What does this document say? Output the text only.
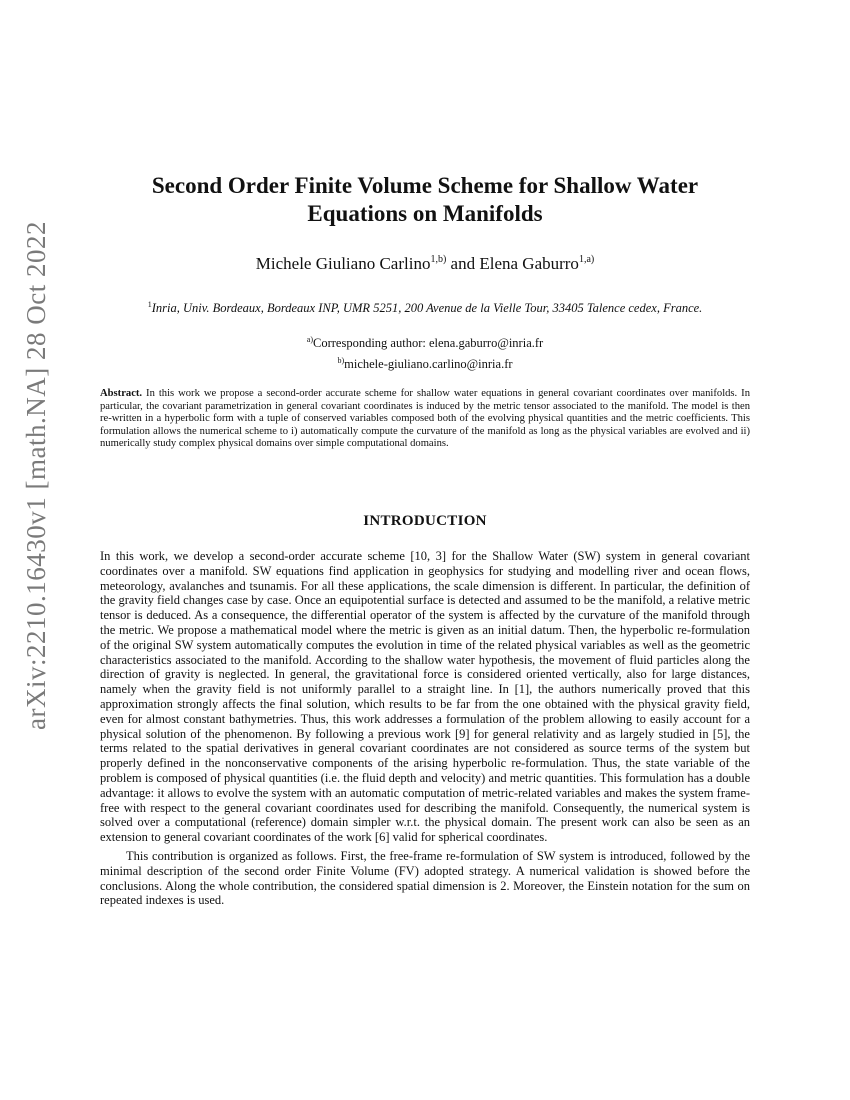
arXiv:2210.16430v1 [math.NA] 28 Oct 2022
Second Order Finite Volume Scheme for Shallow Water Equations on Manifolds
Michele Giuliano Carlino$^{1,b)}$ and Elena Gaburro$^{1,a)}$
$^1$Inria, Univ. Bordeaux, Bordeaux INP, UMR 5251, 200 Avenue de la Vielle Tour, 33405 Talence cedex, France.
$^{a)}$Corresponding author: elena.gaburro@inria.fr
$^{b)}$michele-giuliano.carlino@inria.fr
Abstract. In this work we propose a second-order accurate scheme for shallow water equations in general covariant coordinates over manifolds. In particular, the covariant parametrization in general covariant coordinates is induced by the metric tensor associated to the manifold. The model is then re-written in a hyperbolic form with a tuple of conserved variables composed both of the evolving physical quantities and the metric coefficients. This formulation allows the numerical scheme to i) automatically compute the curvature of the manifold as long as the physical variables are evolved and ii) numerically study complex physical domains over simple computational domains.
INTRODUCTION

In this work, we develop a second-order accurate scheme [10, 3] for the Shallow Water (SW) system in general covariant coordinates over a manifold. SW equations find application in geophysics for studying and modelling river and ocean flows, meteorology, avalanches and tsunamis. For all these applications, the scale dimension is different. In particular, the definition of the gravity field changes case by case. Once an equipotential surface is detected and assumed to be the manifold, a relative metric tensor is deduced. As a consequence, the differential operator of the system is affected by the curvature of the manifold through the metric. We propose a mathematical model where the metric is given as an initial datum. Then, the hyperbolic re-formulation of the original SW system automatically computes the evolution in time of the related physical variables as well as the geometric characteristics associated to the manifold. According to the shallow water hypothesis, the movement of fluid particles along the direction of gravity is neglected. In general, the gravitational force is considered oriented vertically, also for large distances, namely when the gravity field is not uniformly parallel to a straight line. In [1], the authors numerically proved that this approximation strongly affects the final solution, which results to be far from the one obtained with the physical gravity field, even for almost constant bathymetries. Thus, this work addresses a formulation of the problem allowing to easily account for a physical solution of the phenomenon. By following a previous work [9] for general relativity and as largely studied in [5], the terms related to the spatial derivatives in general covariant coordinates are not considered as source terms of the system but properly defined in the nonconservative components of the arising hyperbolic re-formulation. Thus, the state variable of the problem is composed of physical quantities (i.e. the fluid depth and velocity) and metric quantities. This formulation has a double advantage: it allows to evolve the system with an automatic computation of metric-related variables and makes the system frame-free with respect to the general covariant coordinates used for describing the manifold. Consequently, the numerical system is solved over a computational (reference) domain simpler w.r.t. the physical domain. The present work can also be seen as an extension to general covariant coordinates of the work [6] valid for spherical coordinates.

This contribution is organized as follows. First, the free-frame re-formulation of SW system is introduced, followed by the minimal description of the second order Finite Volume (FV) adopted strategy. A numerical validation is showed before the conclusions. Along the whole contribution, the considered spatial dimension is 2. Moreover, the Einstein notation for the sum on repeated indexes is used.
